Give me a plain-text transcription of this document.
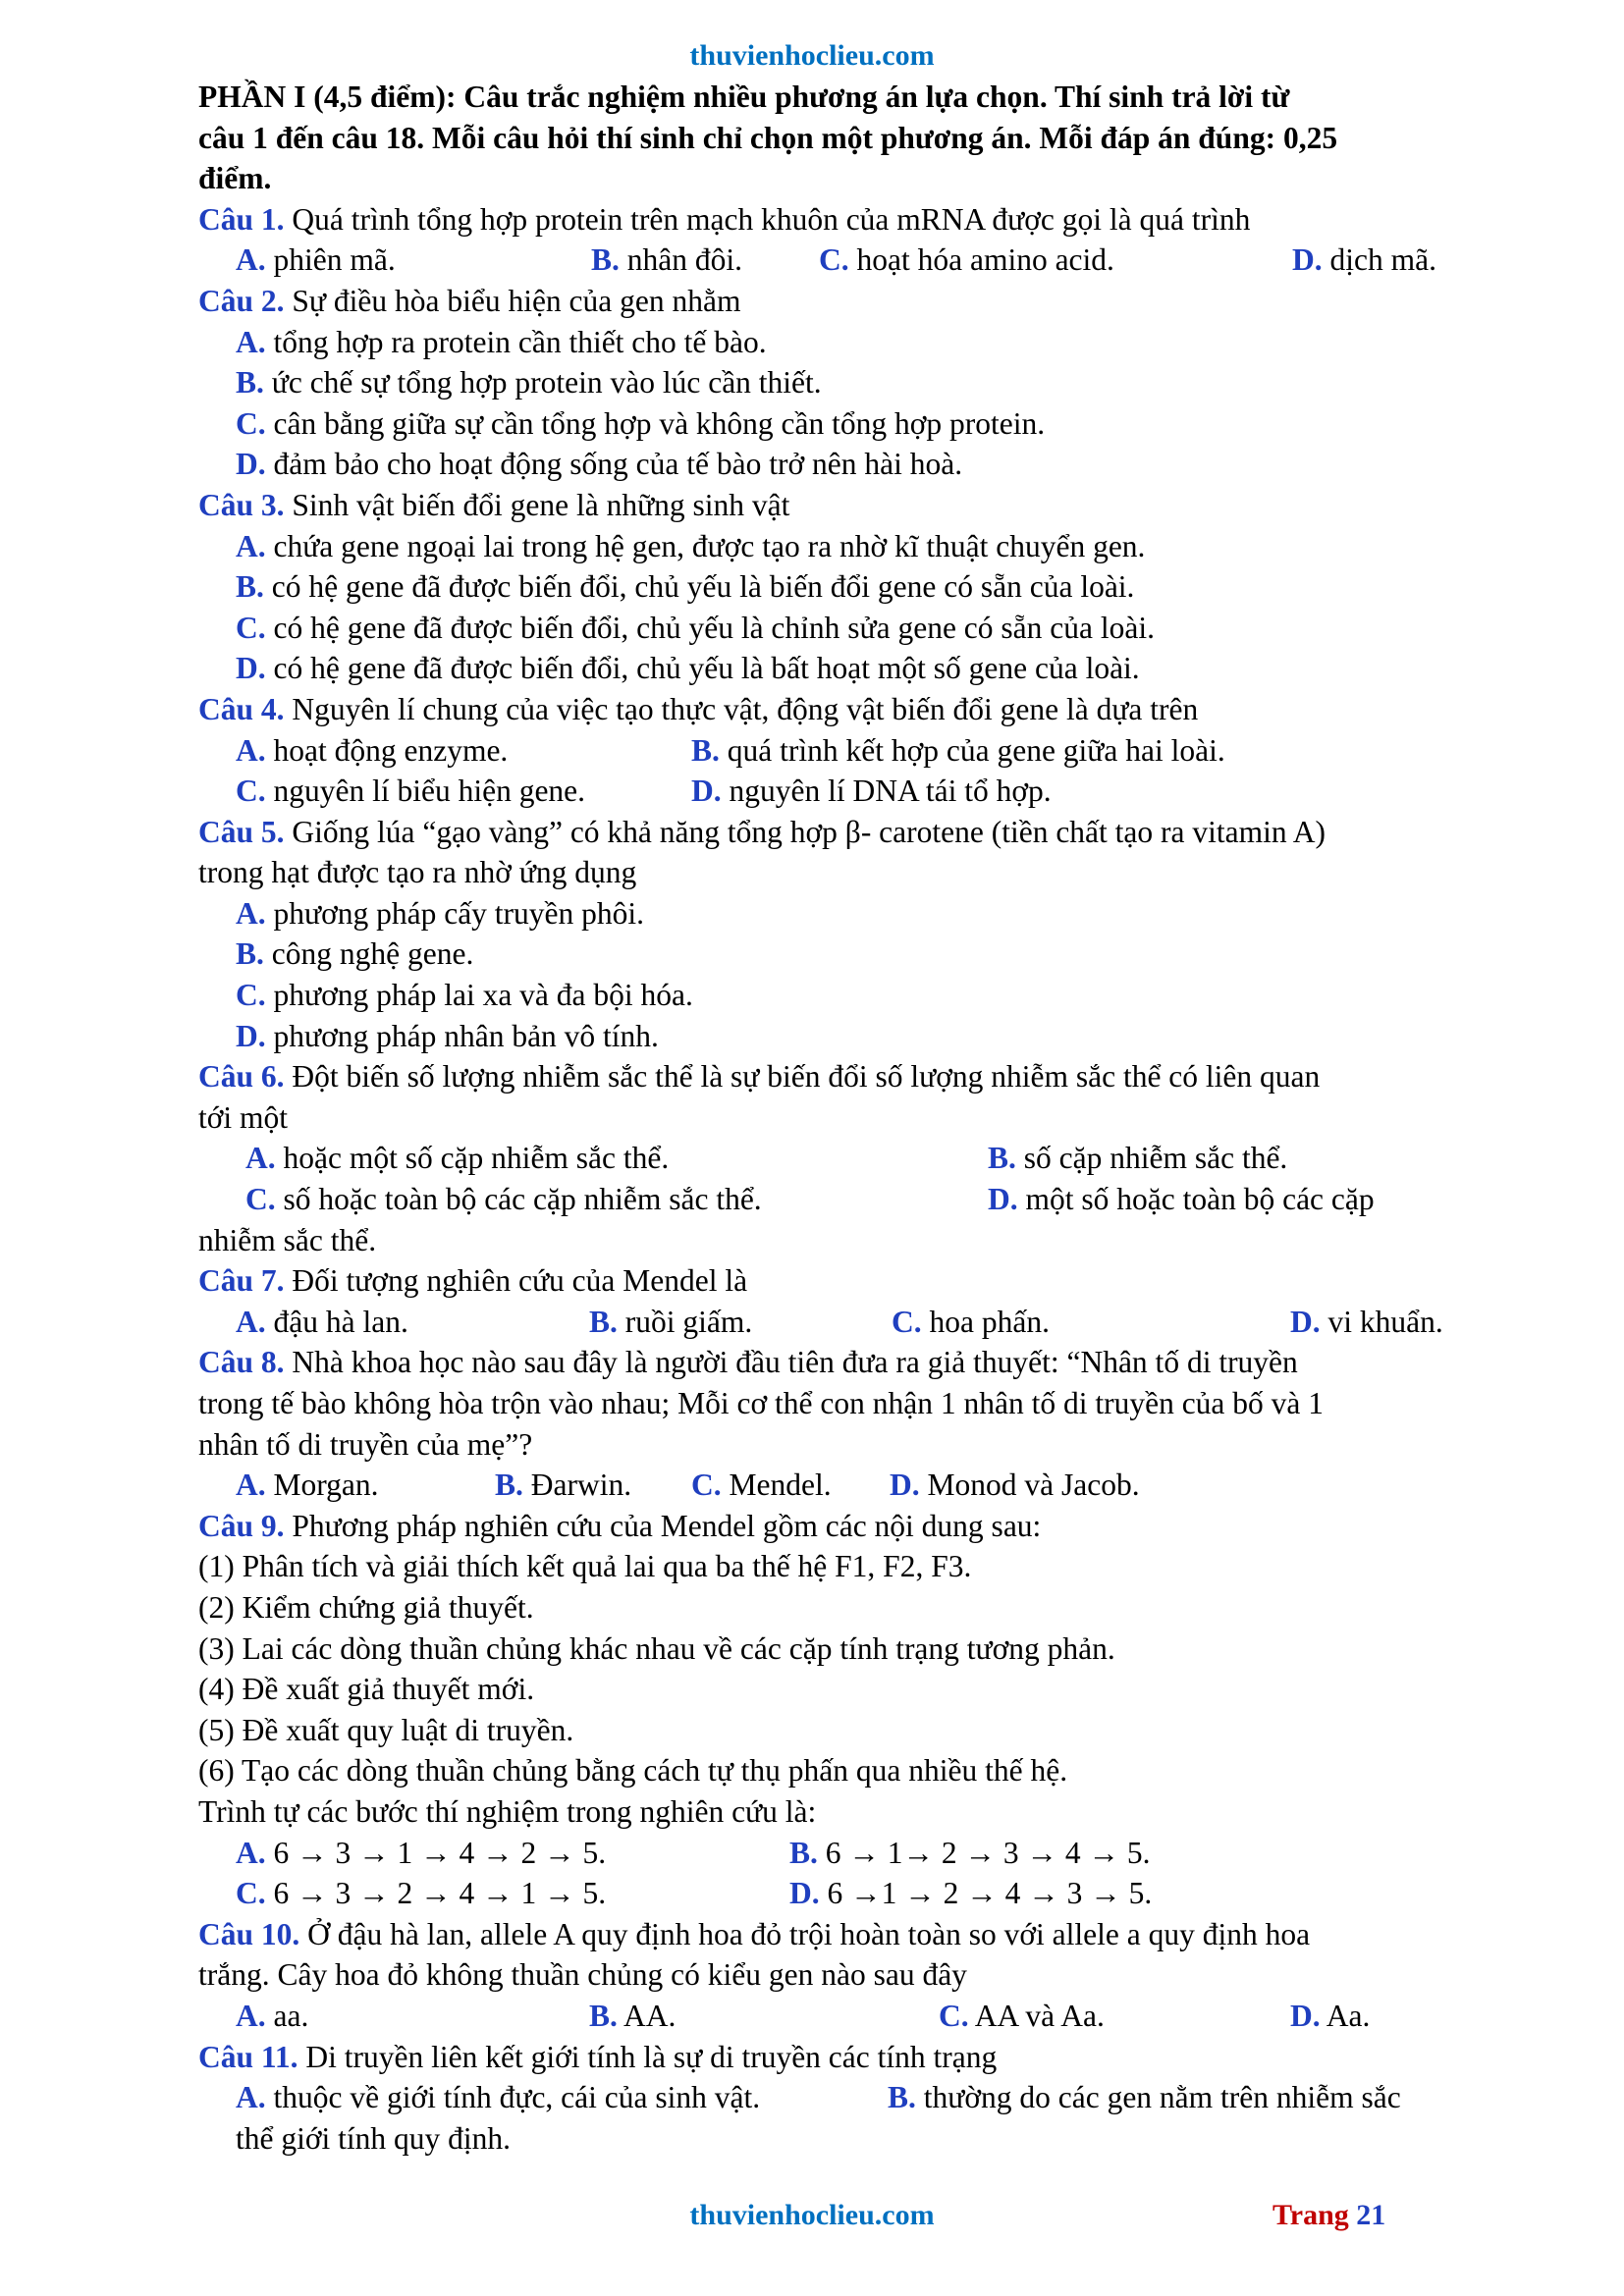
thuvienhoclieu.com
PHẦN I (4,5 điểm): Câu trắc nghiệm nhiều phương án lựa chọn. Thí sinh trả lời từ
câu 1 đến câu 18. Mỗi câu hỏi thí sinh chỉ chọn một phương án. Mỗi đáp án đúng: 0,25
điểm.
Câu 1. Quá trình tổng hợp protein trên mạch khuôn của mRNA được gọi là quá trình
A. phiên mã.	B. nhân đôi. C. hoạt hóa amino acid.	D. dịch mã.
Câu 2. Sự điều hòa biểu hiện của gen nhằm
A. tổng hợp ra protein cần thiết cho tế bào.
B. ức chế sự tổng hợp protein vào lúc cần thiết.
C. cân bằng giữa sự cần tổng hợp và không cần tổng hợp protein.
D. đảm bảo cho hoạt động sống của tế bào trở nên hài hoà.
Câu 3. Sinh vật biến đổi gene là những sinh vật
A. chứa gene ngoại lai trong hệ gen, được tạo ra nhờ kĩ thuật chuyển gen.
B. có hệ gene đã được biến đổi, chủ yếu là biến đổi gene có sẵn của loài.
C. có hệ gene đã được biến đổi, chủ yếu là chỉnh sửa gene có sẵn của loài.
D. có hệ gene đã được biến đổi, chủ yếu là bất hoạt một số gene của loài.
Câu 4. Nguyên lí chung của việc tạo thực vật, động vật biến đổi gene là dựa trên
A. hoạt động enzyme.	B. quá trình kết hợp của gene giữa hai loài.
C. nguyên lí biểu hiện gene.	D. nguyên lí DNA tái tổ hợp.
Câu 5. Giống lúa “gạo vàng” có khả năng tổng hợp β- carotene (tiền chất tạo ra vitamin A)
trong hạt được tạo ra nhờ ứng dụng
A. phương pháp cấy truyền phôi.
B. công nghệ gene.
C. phương pháp lai xa và đa bội hóa.
D. phương pháp nhân bản vô tính.
Câu 6. Đột biến số lượng nhiễm sắc thể là sự biến đổi số lượng nhiễm sắc thể có liên quan
tới một
A. hoặc một số cặp nhiễm sắc thể.	B. số cặp nhiễm sắc thể.
C. số hoặc toàn bộ các cặp nhiễm sắc thể.	D. một số hoặc toàn bộ các cặp
nhiễm sắc thể.
Câu 7. Đối tượng nghiên cứu của Mendel là
A. đậu hà lan.	B. ruồi giấm.	C. hoa phấn.	D. vi khuẩn.
Câu 8. Nhà khoa học nào sau đây là người đầu tiên đưa ra giả thuyết: “Nhân tố di truyền
trong tế bào không hòa trộn vào nhau; Mỗi cơ thể con nhận 1 nhân tố di truyền của bố và 1
nhân tố di truyền của mẹ”?
A. Morgan.	B. Đarwin. C. Mendel. D. Monod và Jacob.
Câu 9. Phương pháp nghiên cứu của Mendel gồm các nội dung sau:
(1) Phân tích và giải thích kết quả lai qua ba thế hệ F1, F2, F3.
(2) Kiểm chứng giả thuyết.
(3) Lai các dòng thuần chủng khác nhau về các cặp tính trạng tương phản.
(4) Đề xuất giả thuyết mới.
(5) Đề xuất quy luật di truyền.
(6) Tạo các dòng thuần chủng bằng cách tự thụ phấn qua nhiều thế hệ.
Trình tự các bước thí nghiệm trong nghiên cứu là:
A. 6 → 3 → 1 → 4 → 2 → 5.	B. 6 → 1→ 2 → 3 → 4 → 5.
C. 6 → 3 → 2 → 4 → 1 → 5.	D. 6 →1 → 2 → 4 → 3 → 5.
Câu 10. Ở đậu hà lan, allele A quy định hoa đỏ trội hoàn toàn so với allele a quy định hoa
trắng. Cây hoa đỏ không thuần chủng có kiểu gen nào sau đây
A. aa.	B. AA.	C. AA và Aa.	D. Aa.
Câu 11. Di truyền liên kết giới tính là sự di truyền các tính trạng
A. thuộc về giới tính đực, cái của sinh vật.	B. thường do các gen nằm trên nhiễm sắc
thể giới tính quy định.
thuvienhoclieu.com	Trang 21
